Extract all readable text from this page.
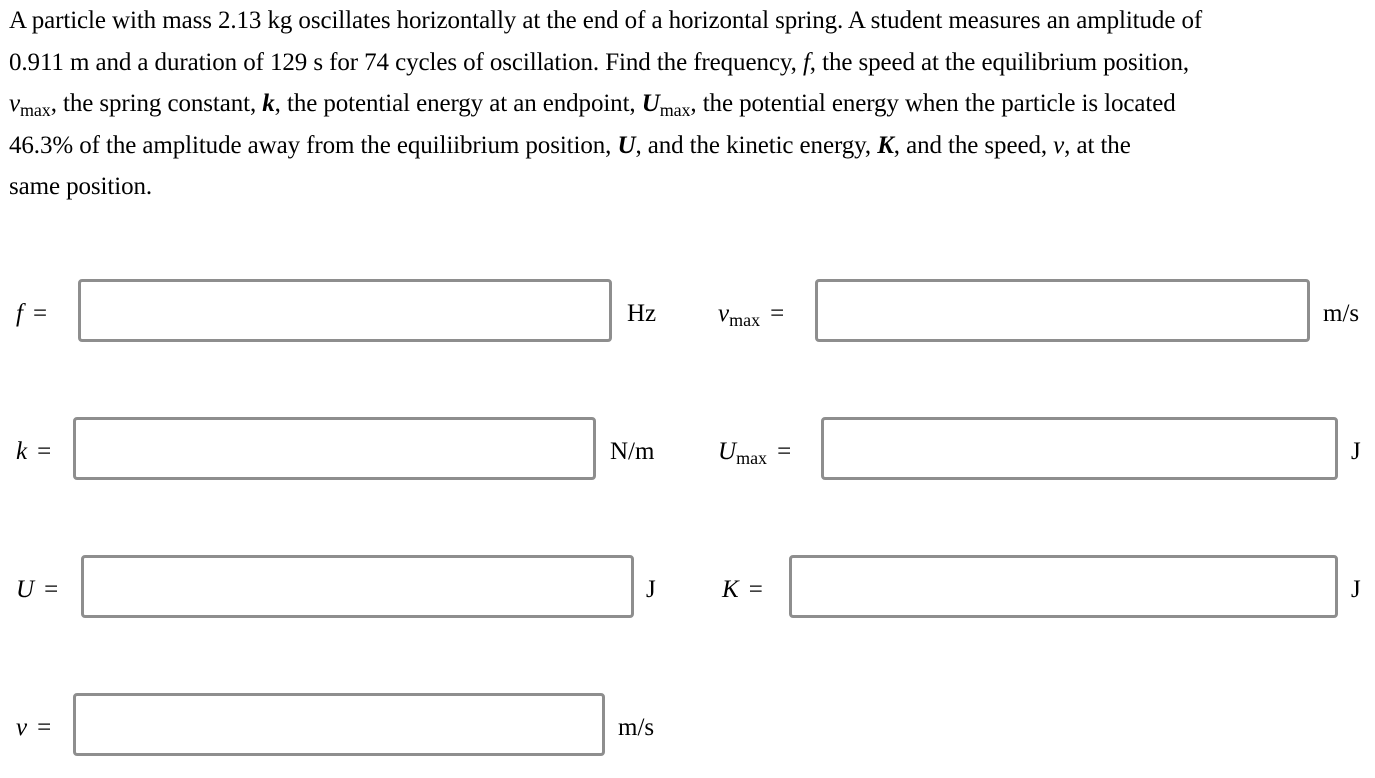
A particle with mass 2.13 kg oscillates horizontally at the end of a horizontal spring. A student measures an amplitude of
0.911 m and a duration of 129 s for 74 cycles of oscillation. Find the frequency, f, the speed at the equilibrium position,
$v_{max}$, the spring constant, k, the potential energy at an endpoint, $U_{max}$, the potential energy when the particle is located
46.3% of the amplitude away from the equiliibrium position, U, and the kinetic energy, K, and the speed, v, at the
same position.
f =	Hz $v_{max}$ =	m/s
k =	N/m	$U_{max}$ =	J
U =	J	K =	J
v =	m/s
